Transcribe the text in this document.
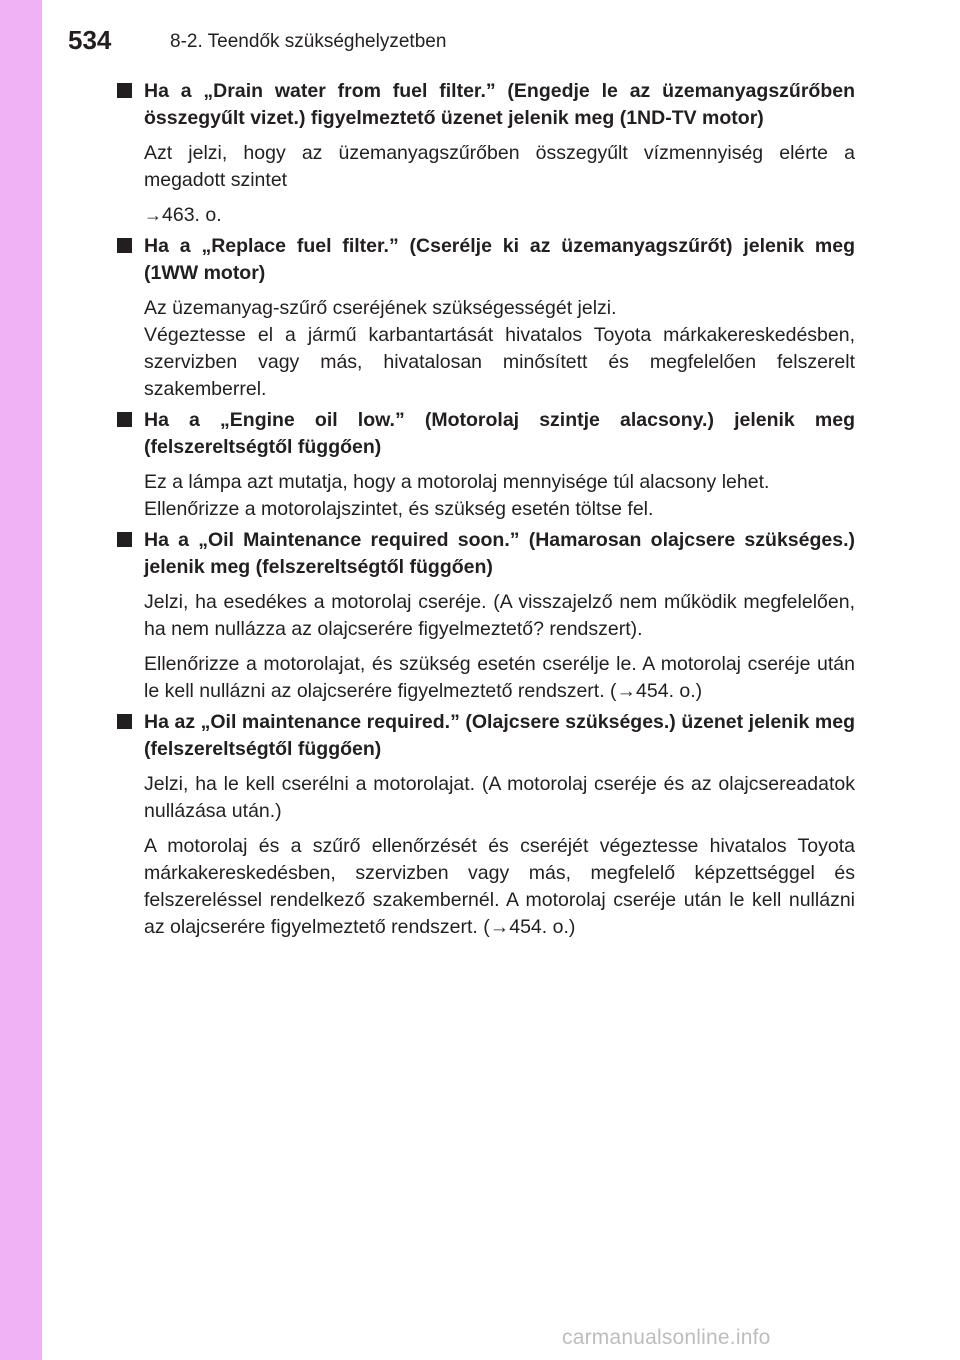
534	8-2. Teendők szükséghelyzetben

Ha a „Drain water from fuel filter.” (Engedje le az üzemanyagszűrőben összegyűlt vizet.) figyelmeztető üzenet jelenik meg (1ND-TV motor)

Azt jelzi, hogy az üzemanyagszűrőben összegyűlt vízmennyiség elérte a megadott szintet

→463. o.

Ha a „Replace fuel filter.” (Cserélje ki az üzemanyagszűrőt) jelenik meg (1WW motor)

Az üzemanyag-szűrő cseréjének szükségességét jelzi.
Végeztesse el a jármű karbantartását hivatalos Toyota márkakereskedésben, szervizben vagy más, hivatalosan minősített és megfelelően felszerelt szakemberrel.

Ha a „Engine oil low.” (Motorolaj szintje alacsony.) jelenik meg (felszereltségtől függően)

Ez a lámpa azt mutatja, hogy a motorolaj mennyisége túl alacsony lehet.
Ellenőrizze a motorolajszintet, és szükség esetén töltse fel.

Ha a „Oil Maintenance required soon.” (Hamarosan olajcsere szükséges.) jelenik meg (felszereltségtől függően)

Jelzi, ha esedékes a motorolaj cseréje. (A visszajelző nem működik megfelelően, ha nem nullázza az olajcserére figyelmeztető? rendszert).

Ellenőrizze a motorolajat, és szükség esetén cserélje le. A motorolaj cseréje után le kell nullázni az olajcserére figyelmeztető rendszert. (→454. o.)

Ha az „Oil maintenance required.” (Olajcsere szükséges.) üzenet jelenik meg (felszereltségtől függően)

Jelzi, ha le kell cserélni a motorolajat. (A motorolaj cseréje és az olajcsereadatok nullázása után.)

A motorolaj és a szűrő ellenőrzését és cseréjét végeztesse hivatalos Toyota márkakereskedésben, szervizben vagy más, megfelelő képzettséggel és felszereléssel rendelkező szakembernél. A motorolaj cseréje után le kell nullázni az olajcserére figyelmeztető rendszert. (→454. o.)

carmanualsonline.info
